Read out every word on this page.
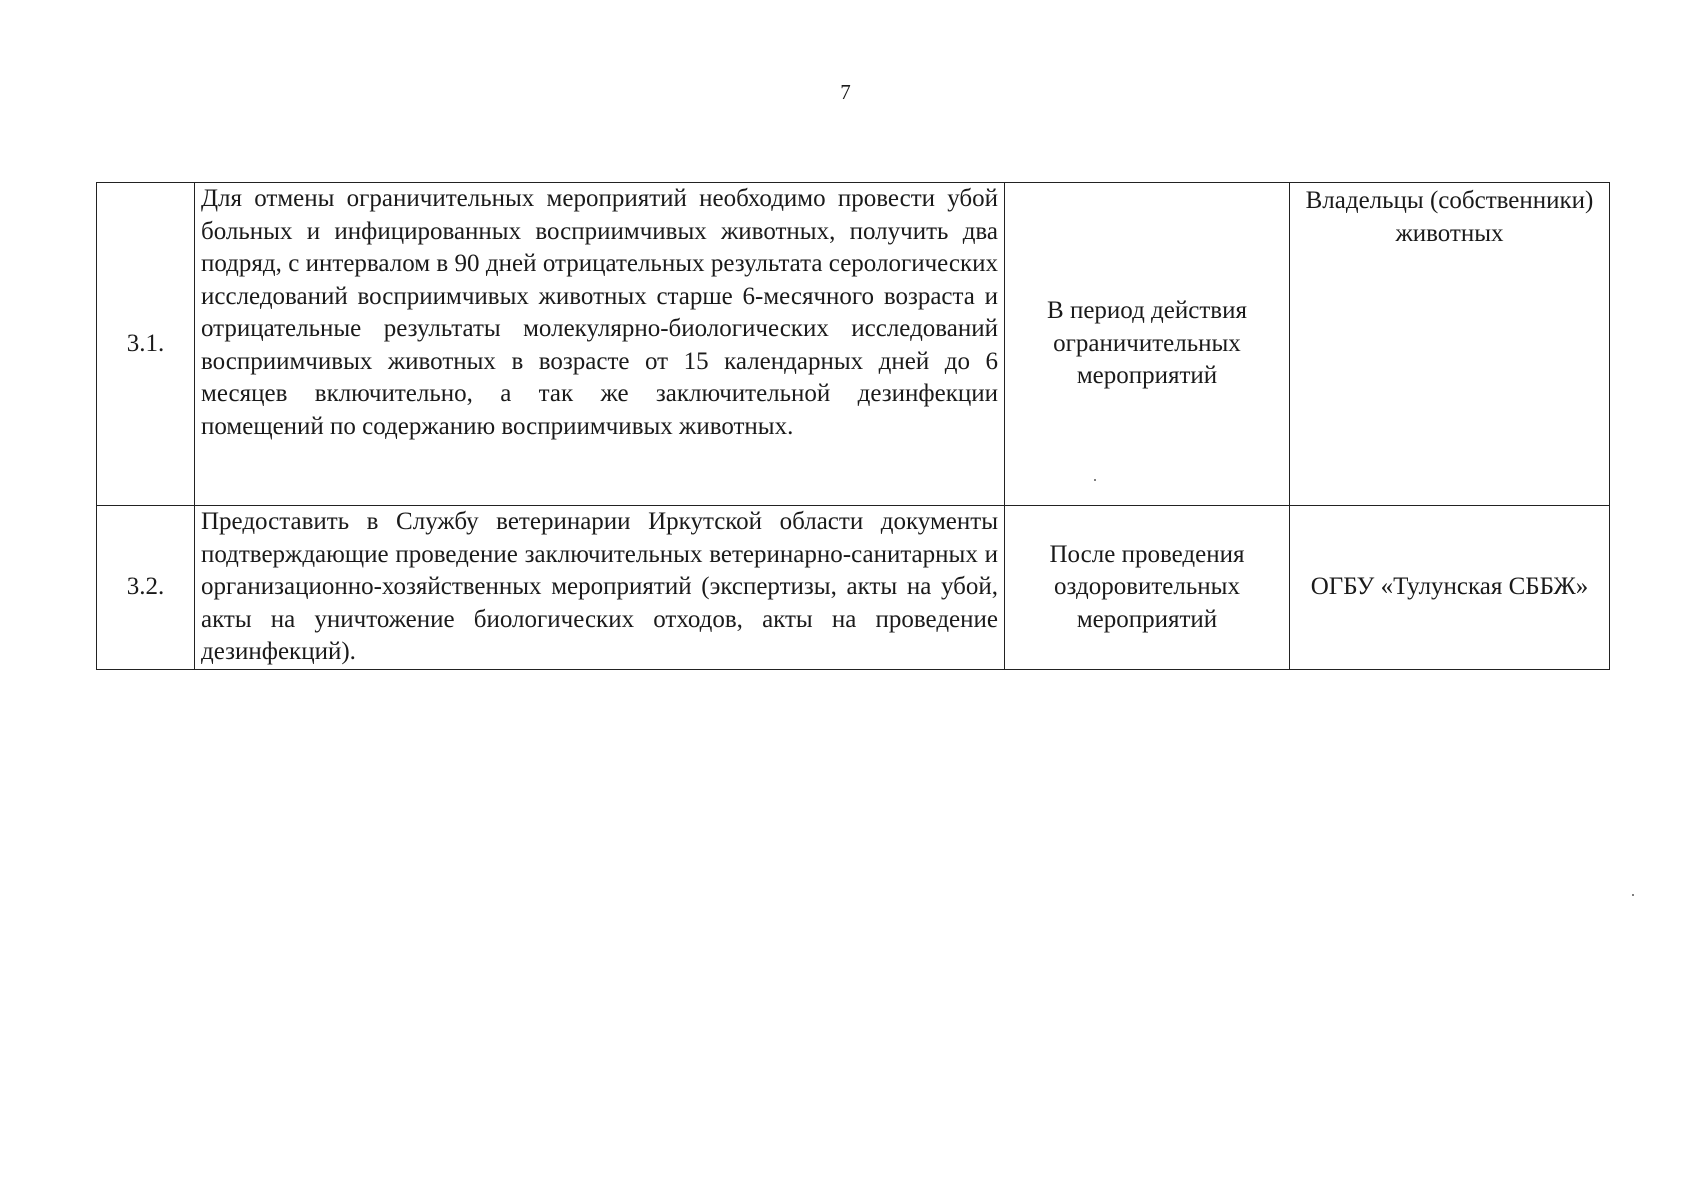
7
3.1.	Для отмены ограничительных мероприятий необходимо провести убой больных и инфицированных восприимчивых животных, получить два подряд, с интервалом в 90 дней отрицательных результата серологических исследований восприимчивых животных старше 6-месячного возраста и отрицательные результаты молекулярно-биологических исследований восприимчивых животных в возрасте от 15 календарных дней до 6 месяцев включительно, а так же заключительной дезинфекции помещений по содержанию восприимчивых животных.	В период действия ограничительных мероприятий	Владельцы (собственники) животных

3.2.	Предоставить в Службу ветеринарии Иркутской области документы подтверждающие проведение заключительных ветеринарно-санитарных и организационно-хозяйственных мероприятий (экспертизы, акты на убой, акты на уничтожение биологических отходов, акты на проведение дезинфекций).	После проведения оздоровительных мероприятий	ОГБУ «Тулунская СББЖ»
